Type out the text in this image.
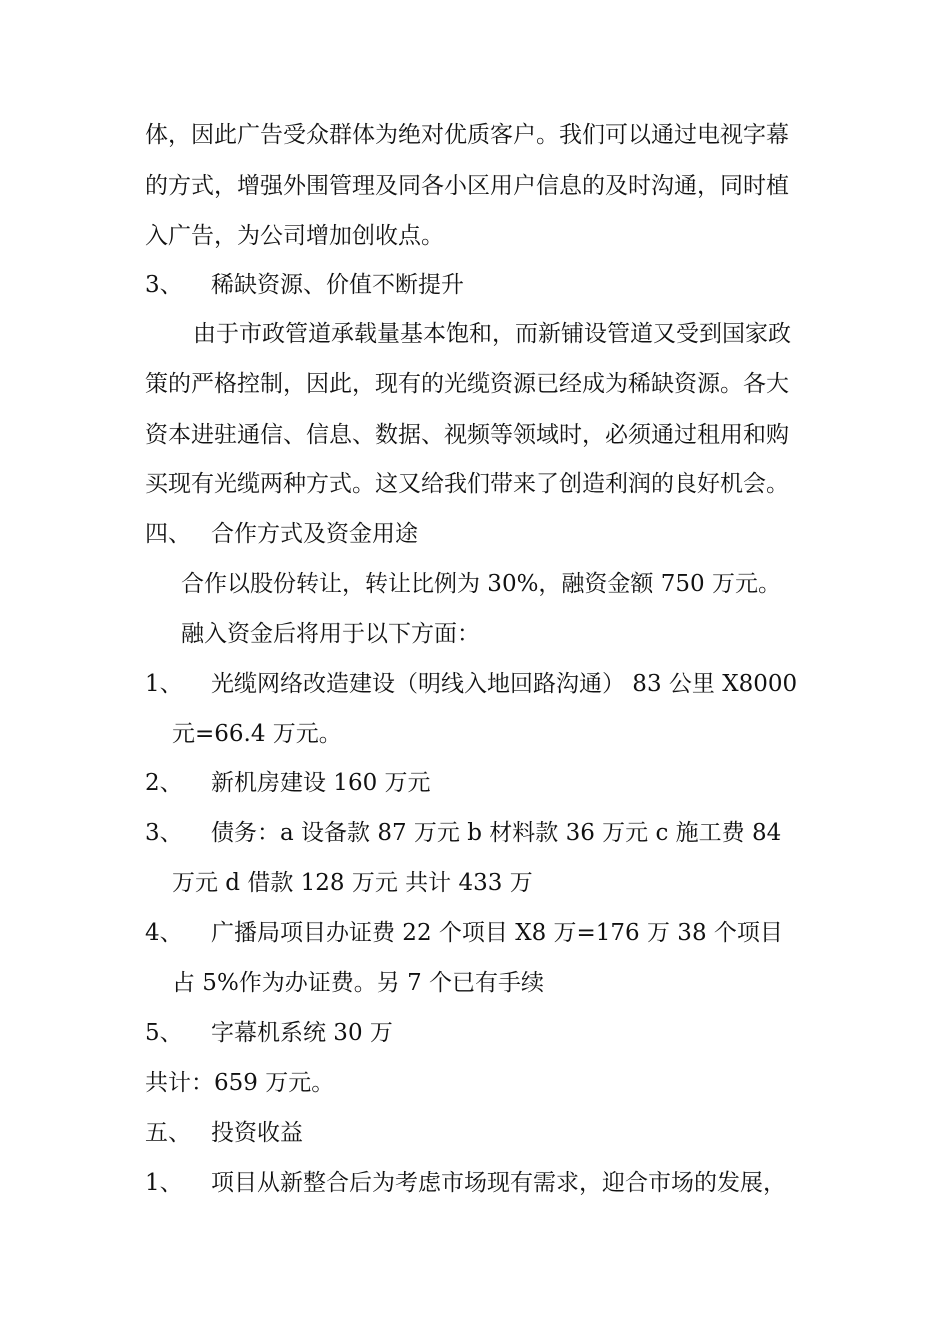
体，因此广告受众群体为绝对优质客户。我们可以通过电视字幕
的方式，增强外围管理及同各小区用户信息的及时沟通，同时植
入广告，为公司增加创收点。
3、 稀缺资源、价值不断提升
由于市政管道承载量基本饱和，而新铺设管道又受到国家政
策的严格控制，因此，现有的光缆资源已经成为稀缺资源。各大
资本进驻通信、信息、数据、视频等领域时，必须通过租用和购
买现有光缆两种方式。这又给我们带来了创造利润的良好机会。
四、 合作方式及资金用途
合作以股份转让，转让比例为 30%，融资金额 750 万元。
融入资金后将用于以下方面：
1、 光缆网络改造建设（明线入地回路沟通） 83 公里 X8000
元=66.4 万元。
2、 新机房建设 160 万元
3、 债务：a 设备款 87 万元 b 材料款 36 万元 c 施工费 84
万元 d 借款 128 万元 共计 433 万
4、 广播局项目办证费 22 个项目 X8 万=176 万 38 个项目
占 5%作为办证费。另 7 个已有手续
5、 字幕机系统 30 万
共计：659 万元。
五、 投资收益
1、 项目从新整合后为考虑市场现有需求，迎合市场的发展，
